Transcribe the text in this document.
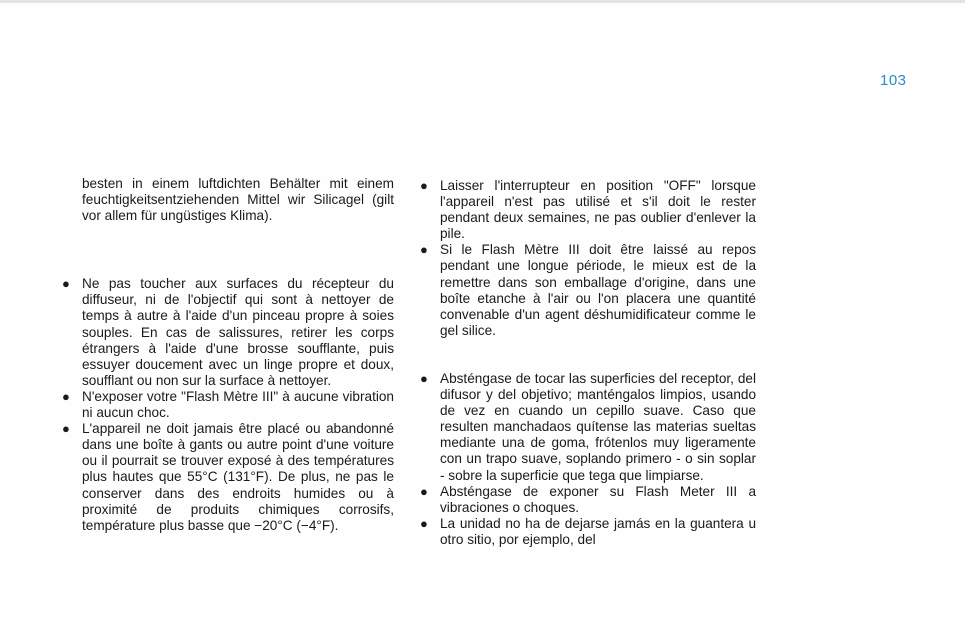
103

besten in einem luftdichten Behälter mit einem feuchtigkeitsentziehenden Mittel wir Silicagel (gilt vor allem für ungüstiges Klima).

● Ne pas toucher aux surfaces du récepteur du diffuseur, ni de l'objectif qui sont à nettoyer de temps à autre à l'aide d'un pinceau propre à soies souples. En cas de salissures, retirer les corps étrangers à l'aide d'une brosse soufflante, puis essuyer doucement avec un linge propre et doux, soufflant ou non sur la surface à nettoyer.
● N'exposer votre "Flash Mètre III" à aucune vibration ni aucun choc.
● L'appareil ne doit jamais être placé ou abandonné dans une boîte à gants ou autre point d'une voiture ou il pourrait se trouver exposé à des températures plus hautes que 55°C (131°F). De plus, ne pas le conserver dans des endroits humides ou à proximité de produits chimiques corrosifs, température plus basse que −20°C (−4°F).
● Laisser l'interrupteur en position "OFF" lorsque l'appareil n'est pas utilisé et s'il doit le rester pendant deux semaines, ne pas oublier d'enlever la pile.
● Si le Flash Mètre III doit être laissé au repos pendant une longue période, le mieux est de la remettre dans son emballage d'origine, dans une boîte etanche à l'air ou l'on placera une quantité convenable d'un agent déshumidificateur comme le gel silice.
● Absténgase de tocar las superficies del receptor, del difusor y del objetivo; manténgalos limpios, usando de vez en cuando un cepillo suave. Caso que resulten manchadaos quítense las materias sueltas mediante una de goma, frótenlos muy ligeramente con un trapo suave, soplando primero - o sin soplar - sobre la superficie que tega que limpiarse.
● Absténgase de exponer su Flash Meter III a vibraciones o choques.
● La unidad no ha de dejarse jamás en la guantera u otro sitio, por ejemplo, del
